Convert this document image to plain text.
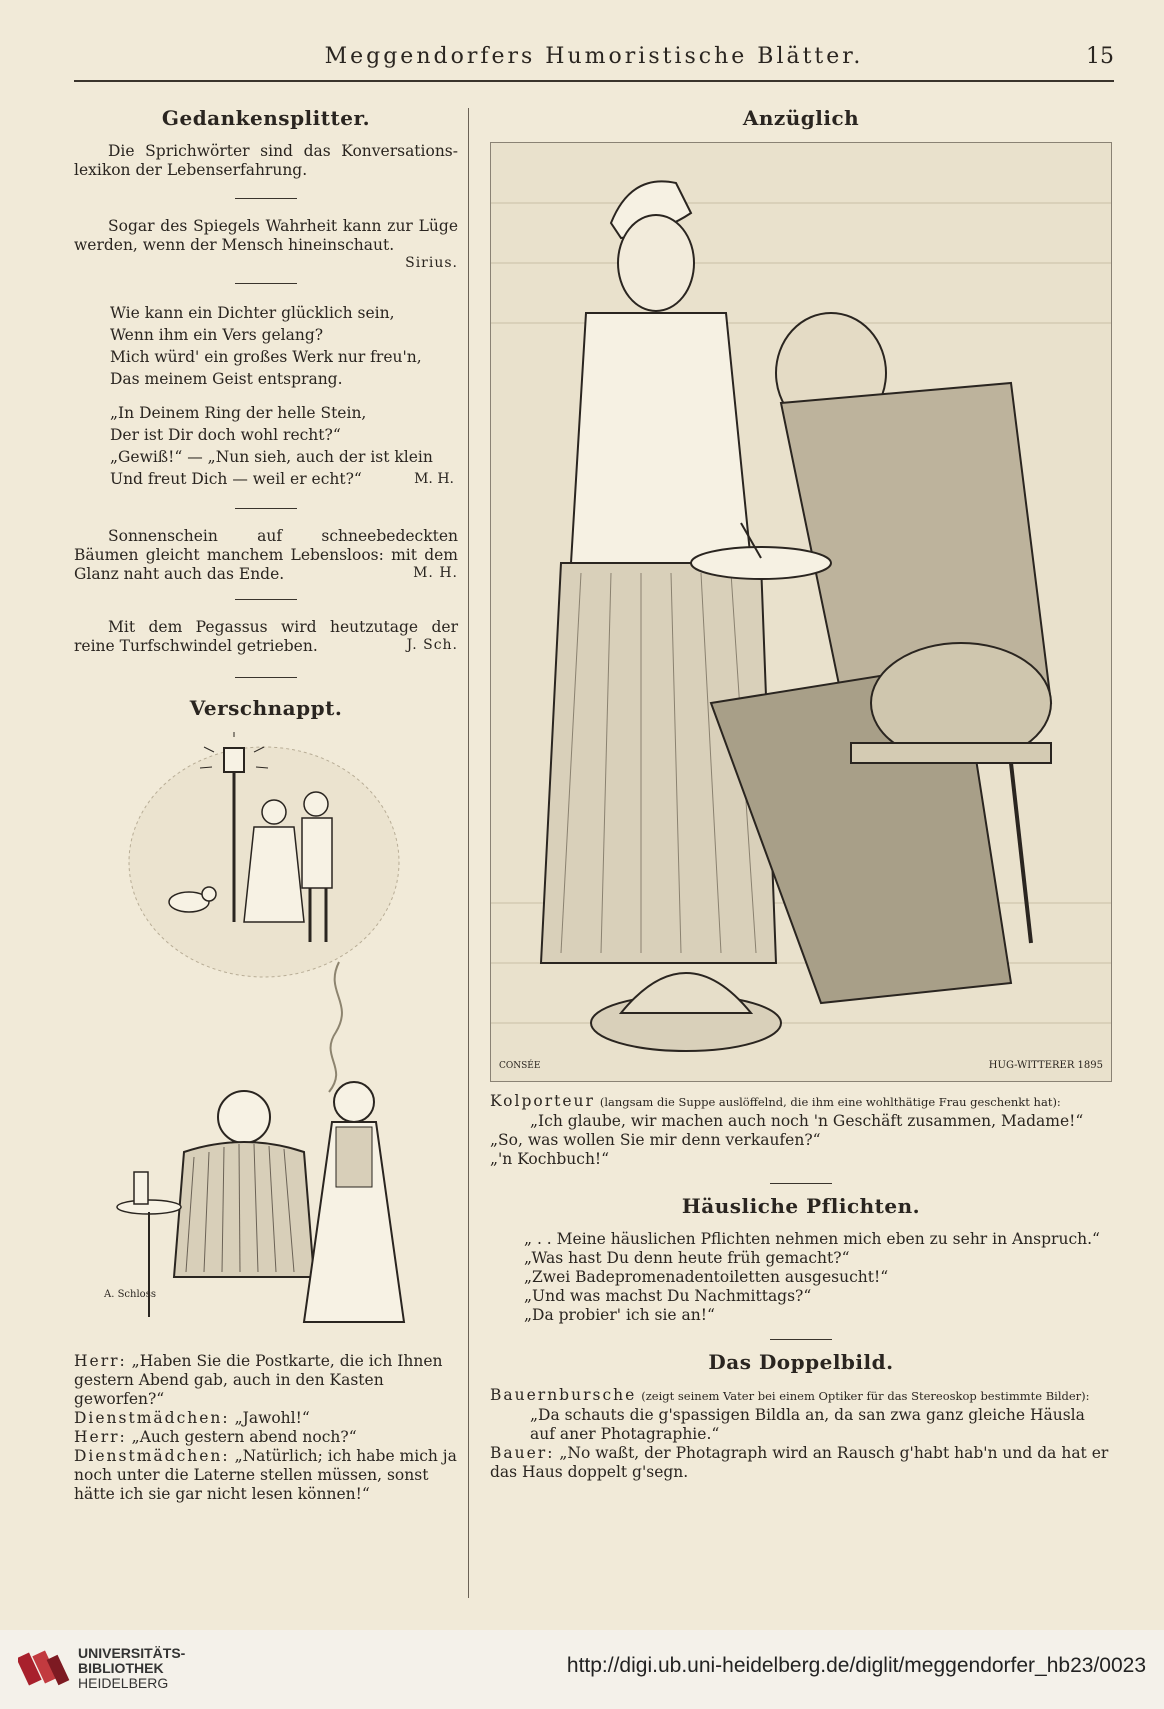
Meggendorfers Humoristische Blätter.	15
Gedankensplitter.

Die Sprichwörter sind das Konversations-lexikon der Lebenserfahrung.

Sogar des Spiegels Wahrheit kann zur Lüge werden, wenn der Mensch hineinschaut.

Sirius.
Wie kann ein Dichter glücklich sein,
Wenn ihm ein Vers gelang?
Mich würd' ein großes Werk nur freu'n,
Das meinem Geist entsprang.
„In Deinem Ring der helle Stein,
Der ist Dir doch wohl recht?“
„Gewiß!“ — „Nun sieh, auch der ist klein
Und freut Dich — weil er echt?“	M. H.

Sonnenschein auf schneebedeckten Bäumen gleicht manchem Lebensloos: mit dem Glanz naht auch das Ende.	M. H.

Mit dem Pegassus wird heutzutage der reine Turfschwindel getrieben.	J. Sch.
Verschnappt.
A. Schloss
Herr: „Haben Sie die Postkarte, die ich Ihnen gestern Abend gab, auch in den Kasten geworfen?“
Dienstmädchen: „Jawohl!“
Herr: „Auch gestern abend noch?“
Dienstmädchen: „Natürlich; ich habe mich ja noch unter die Laterne stellen müssen, sonst hätte ich sie gar nicht lesen können!“
Anzüglich
CONSÉE	HUG-WITTERER 1895
Kolporteur (langsam die Suppe auslöffelnd, die ihm eine wohlthätige Frau geschenkt hat):
„Ich glaube, wir machen auch noch 'n Geschäft zusammen, Madame!“
„So, was wollen Sie mir denn verkaufen?“
„'n Kochbuch!“
Häusliche Pflichten.
„ . . Meine häuslichen Pflichten nehmen mich eben zu sehr in Anspruch.“
„Was hast Du denn heute früh gemacht?“
„Zwei Badepromenadentoiletten ausgesucht!“
„Und was machst Du Nachmittags?“
„Da probier' ich sie an!“
Das Doppelbild.
Bauernbursche (zeigt seinem Vater bei einem Optiker für das Stereoskop bestimmte Bilder):
„Da schauts die g'spassigen Bildla an, da san zwa ganz gleiche Häusla auf aner Photagraphie.“
Bauer: „No waßt, der Photagraph wird an Rausch g'habt hab'n und da hat er das Haus doppelt g'segn.
UNIVERSITÄTS-
BIBLIOTHEK
HEIDELBERG
http://digi.ub.uni-heidelberg.de/diglit/meggendorfer_hb23/0023
